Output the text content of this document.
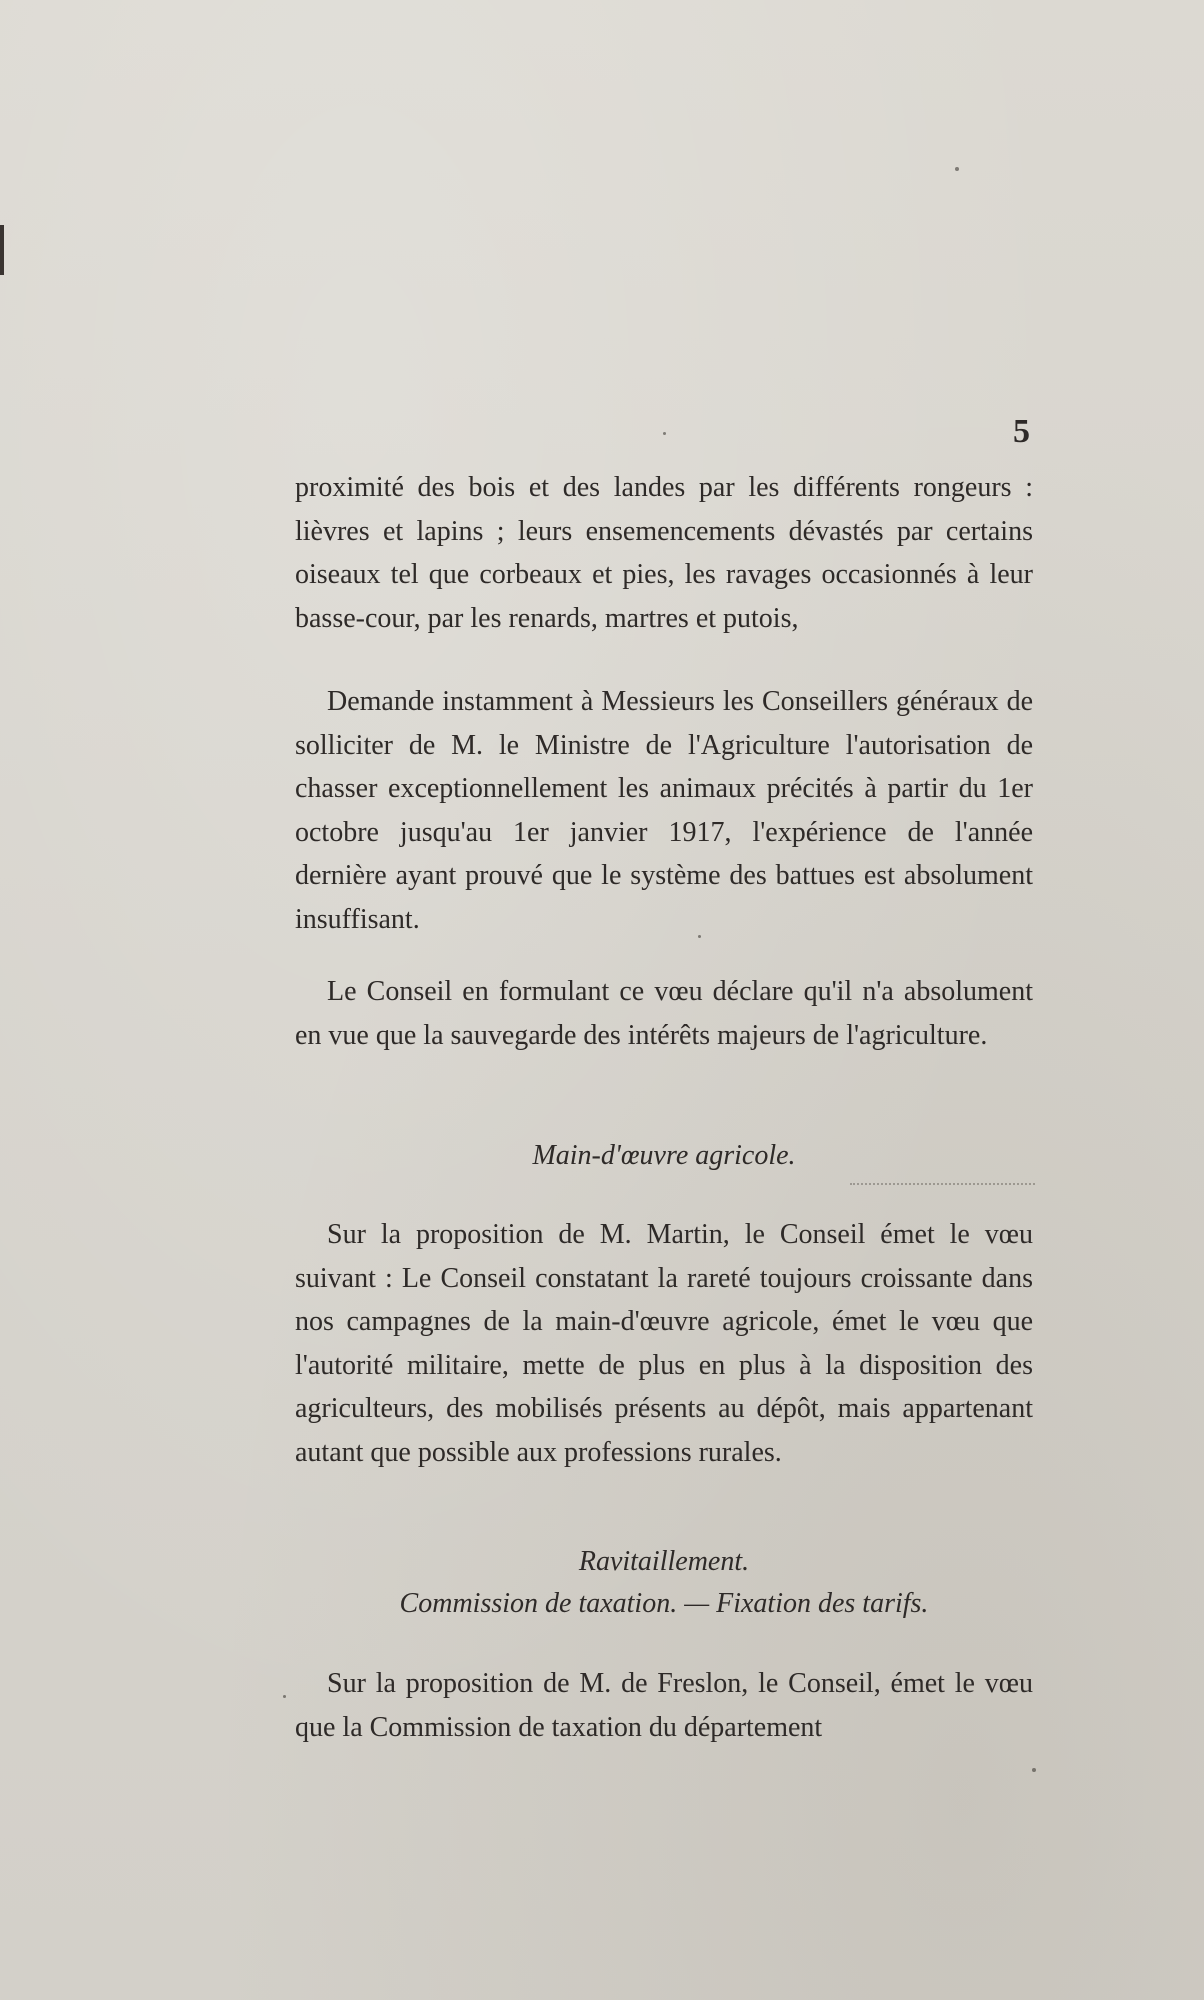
5

proximité des bois et des landes par les différents rongeurs : lièvres et lapins ; leurs ensemencements dévastés par certains oiseaux tel que corbeaux et pies, les ravages occasionnés à leur basse-cour, par les renards, martres et putois,

Demande instamment à Messieurs les Conseillers généraux de solliciter de M. le Ministre de l'Agriculture l'autorisation de chasser exceptionnellement les animaux précités à partir du 1er octobre jusqu'au 1er janvier 1917, l'expérience de l'année dernière ayant prouvé que le système des battues est absolument insuffisant.

Le Conseil en formulant ce vœu déclare qu'il n'a absolument en vue que la sauvegarde des intérêts majeurs de l'agriculture.

Main-d'œuvre agricole.

Sur la proposition de M. Martin, le Conseil émet le vœu suivant : Le Conseil constatant la rareté toujours croissante dans nos campagnes de la main-d'œuvre agricole, émet le vœu que l'autorité militaire, mette de plus en plus à la disposition des agriculteurs, des mobilisés présents au dépôt, mais appartenant autant que possible aux professions rurales.

Ravitaillement.

Commission de taxation. — Fixation des tarifs.

Sur la proposition de M. de Freslon, le Conseil, émet le vœu que la Commission de taxation du département
